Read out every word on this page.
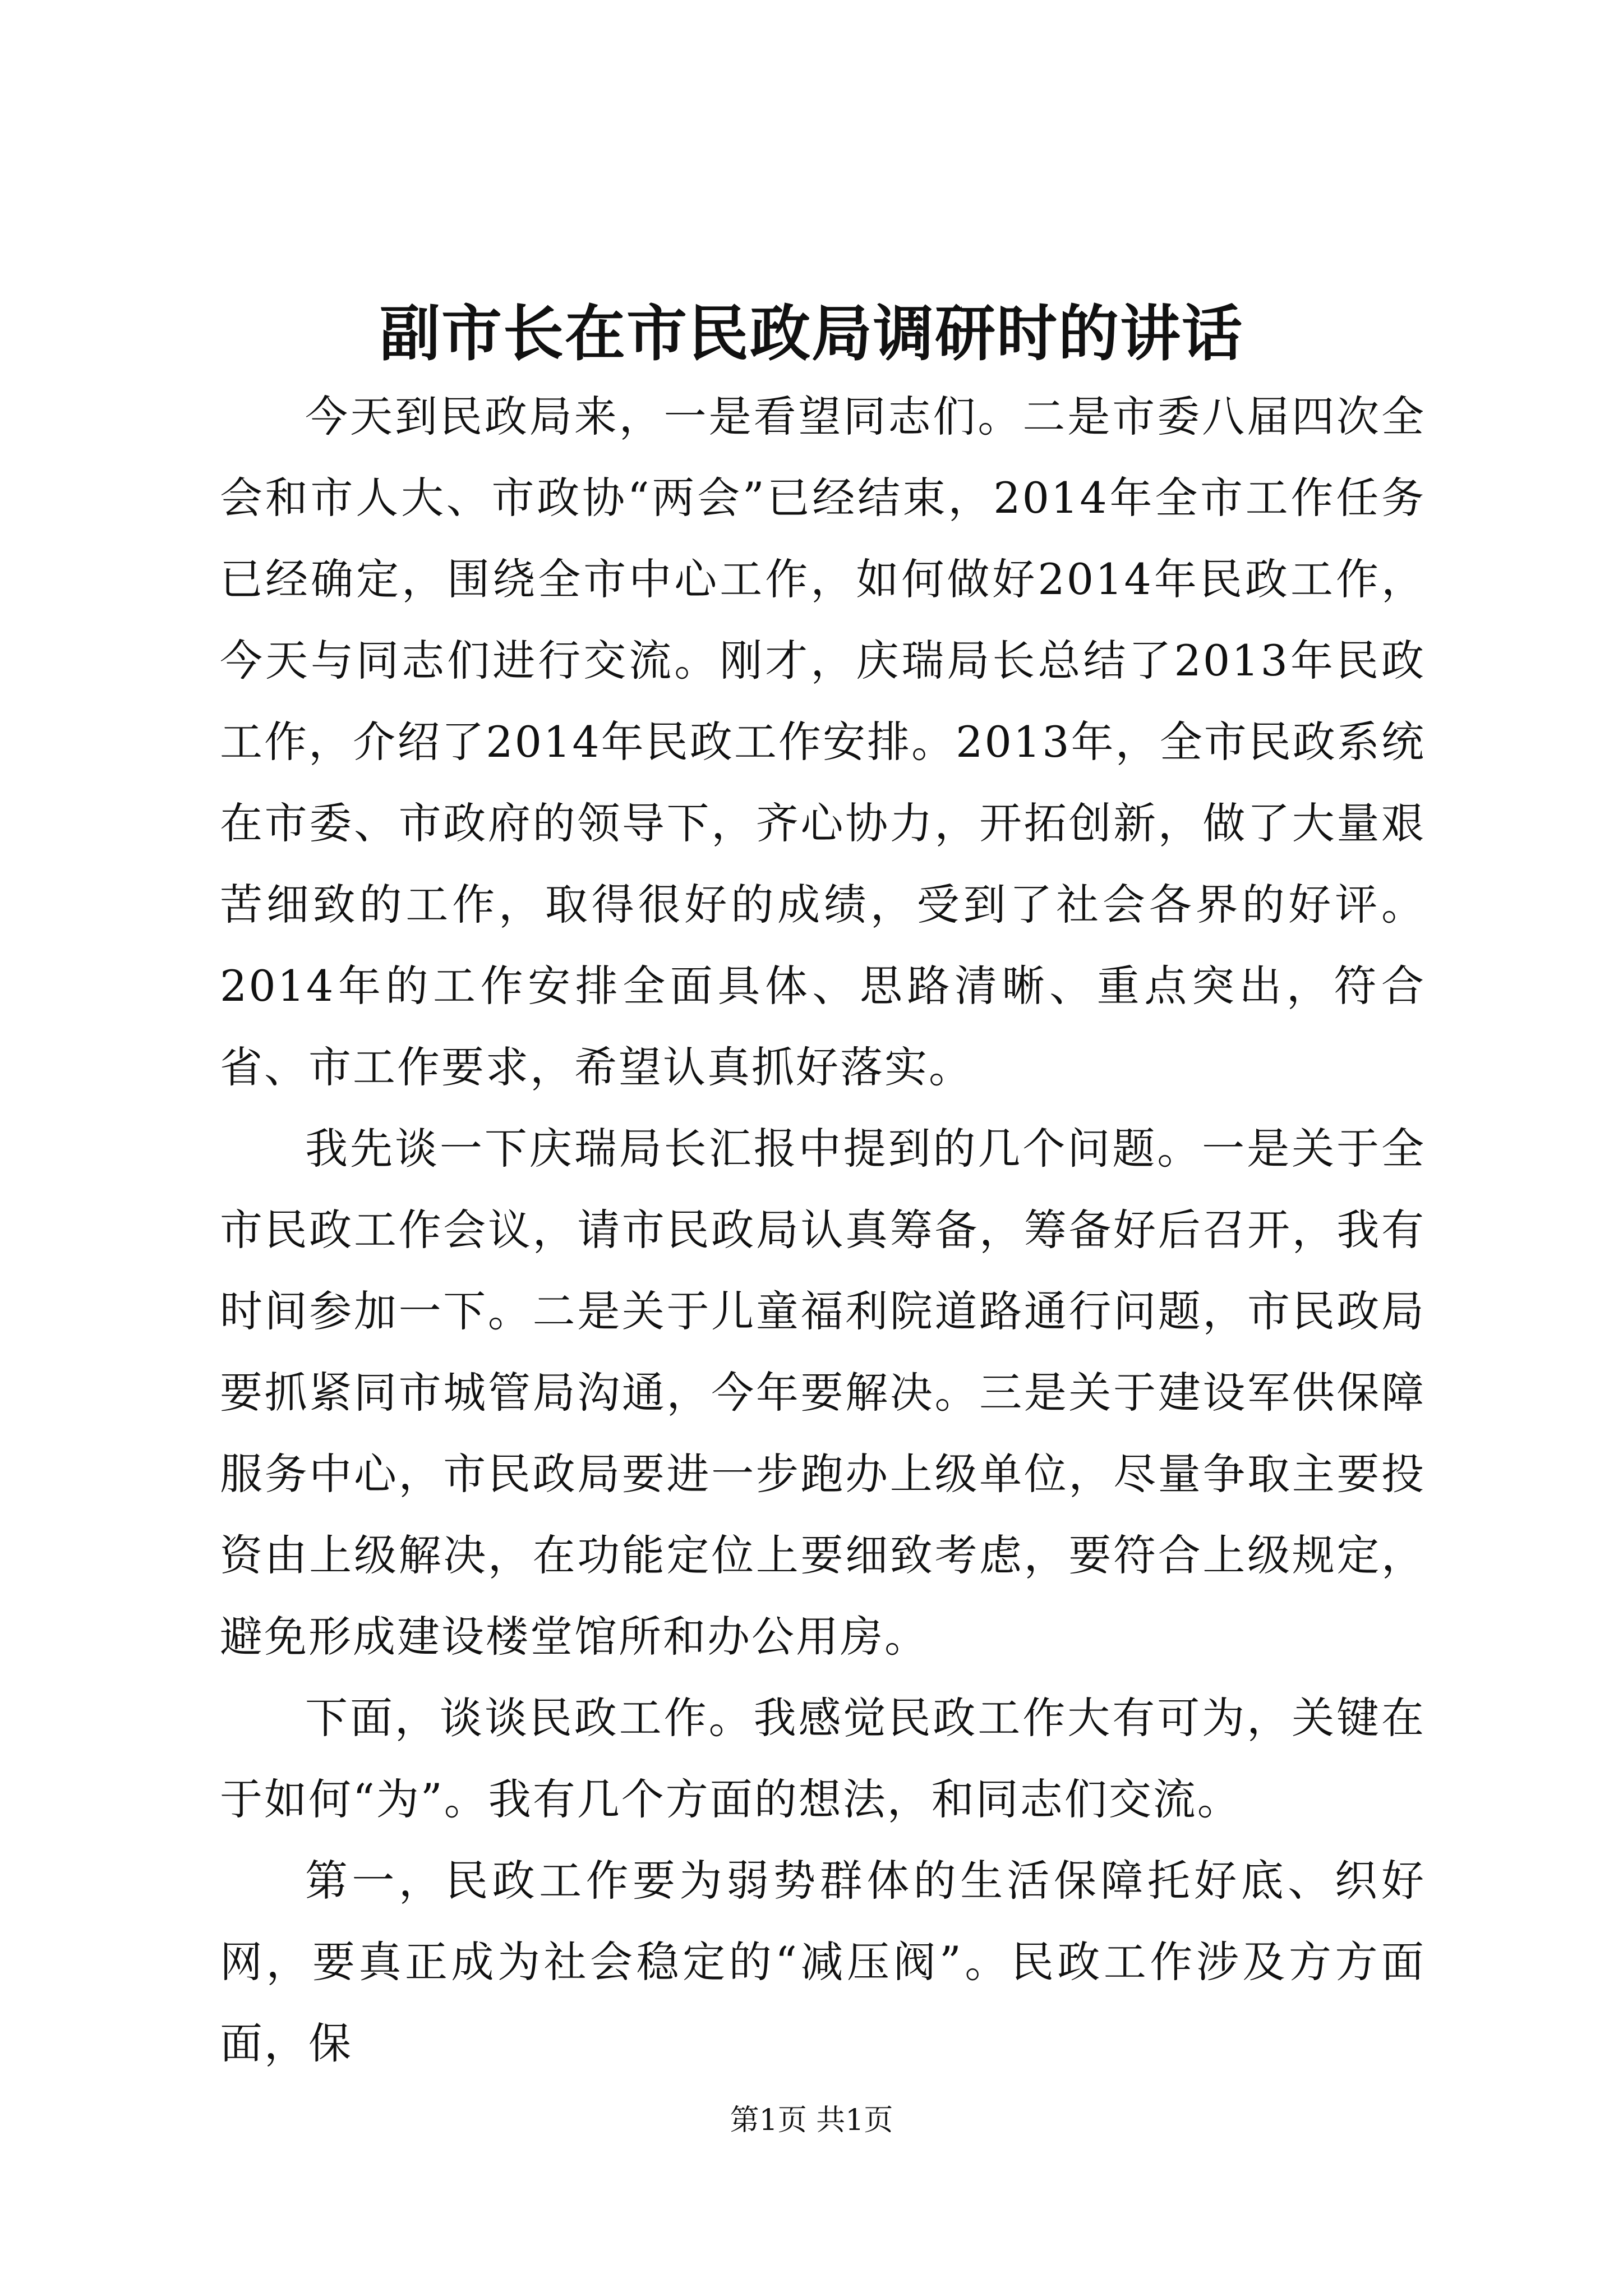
副市长在市民政局调研时的讲话

今天到民政局来，一是看望同志们。二是市委八届四次全会和市人大、市政协“两会”已经结束，2014年全市工作任务已经确定，围绕全市中心工作，如何做好2014年民政工作，今天与同志们进行交流。刚才，庆瑞局长总结了2013年民政工作，介绍了2014年民政工作安排。2013年，全市民政系统在市委、市政府的领导下，齐心协力，开拓创新，做了大量艰苦细致的工作，取得很好的成绩，受到了社会各界的好评。2014年的工作安排全面具体、思路清晰、重点突出，符合省、市工作要求，希望认真抓好落实。

我先谈一下庆瑞局长汇报中提到的几个问题。一是关于全市民政工作会议，请市民政局认真筹备，筹备好后召开，我有时间参加一下。二是关于儿童福利院道路通行问题，市民政局要抓紧同市城管局沟通，今年要解决。三是关于建设军供保障服务中心，市民政局要进一步跑办上级单位，尽量争取主要投资由上级解决，在功能定位上要细致考虑，要符合上级规定，避免形成建设楼堂馆所和办公用房。

下面，谈谈民政工作。我感觉民政工作大有可为，关键在于如何“为”。我有几个方面的想法，和同志们交流。

第一，民政工作要为弱势群体的生活保障托好底、织好网，要真正成为社会稳定的“减压阀”。民政工作涉及方方面面，保

第1页 共1页
